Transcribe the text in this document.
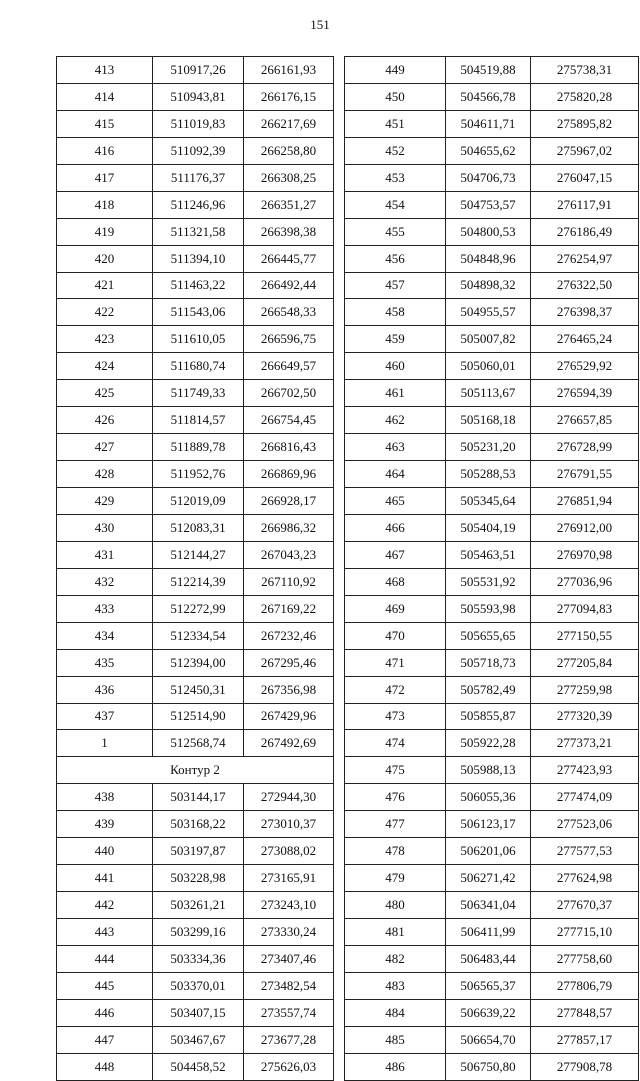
151
413	510917,26	266161,93
414	510943,81	266176,15
415	511019,83	266217,69
416	511092,39	266258,80
417	511176,37	266308,25
418	511246,96	266351,27
419	511321,58	266398,38
420	511394,10	266445,77
421	511463,22	266492,44
422	511543,06	266548,33
423	511610,05	266596,75
424	511680,74	266649,57
425	511749,33	266702,50
426	511814,57	266754,45
427	511889,78	266816,43
428	511952,76	266869,96
429	512019,09	266928,17
430	512083,31	266986,32
431	512144,27	267043,23
432	512214,39	267110,92
433	512272,99	267169,22
434	512334,54	267232,46
435	512394,00	267295,46
436	512450,31	267356,98
437	512514,90	267429,96
1	512568,74	267492,69
Контур 2		
438	503144,17	272944,30
439	503168,22	273010,37
440	503197,87	273088,02
441	503228,98	273165,91
442	503261,21	273243,10
443	503299,16	273330,24
444	503334,36	273407,46
445	503370,01	273482,54
446	503407,15	273557,74
447	503467,67	273677,28
448	504458,52	275626,03
449	504519,88	275738,31
450	504566,78	275820,28
451	504611,71	275895,82
452	504655,62	275967,02
453	504706,73	276047,15
454	504753,57	276117,91
455	504800,53	276186,49
456	504848,96	276254,97
457	504898,32	276322,50
458	504955,57	276398,37
459	505007,82	276465,24
460	505060,01	276529,92
461	505113,67	276594,39
462	505168,18	276657,85
463	505231,20	276728,99
464	505288,53	276791,55
465	505345,64	276851,94
466	505404,19	276912,00
467	505463,51	276970,98
468	505531,92	277036,96
469	505593,98	277094,83
470	505655,65	277150,55
471	505718,73	277205,84
472	505782,49	277259,98
473	505855,87	277320,39
474	505922,28	277373,21
475	505988,13	277423,93
476	506055,36	277474,09
477	506123,17	277523,06
478	506201,06	277577,53
479	506271,42	277624,98
480	506341,04	277670,37
481	506411,99	277715,10
482	506483,44	277758,60
483	506565,37	277806,79
484	506639,22	277848,57
485	506654,70	277857,17
486	506750,80	277908,78
